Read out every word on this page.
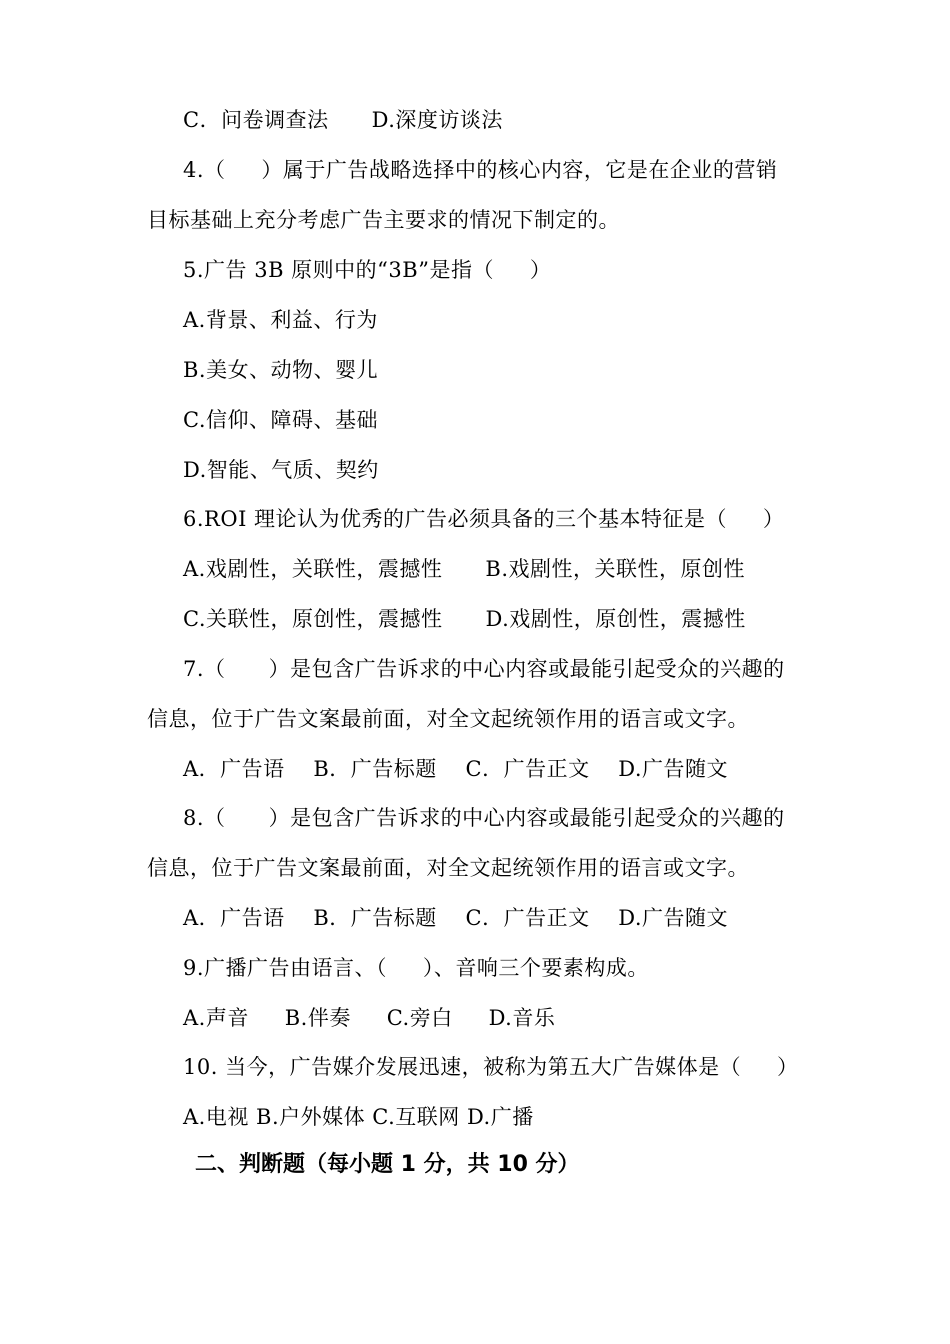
C．问卷调查法      D.深度访谈法
4.（     ）属于广告战略选择中的核心内容，它是在企业的营销
目标基础上充分考虑广告主要求的情况下制定的。
5.广告 3B 原则中的“3B”是指（     ）
A.背景、利益、行为
B.美女、动物、婴儿
C.信仰、障碍、基础
D.智能、气质、契约
6.ROI 理论认为优秀的广告必须具备的三个基本特征是（     ）
A.戏剧性，关联性，震撼性      B.戏剧性，关联性，原创性
C.关联性，原创性，震撼性      D.戏剧性，原创性，震撼性
7.（      ）是包含广告诉求的中心内容或最能引起受众的兴趣的
信息，位于广告文案最前面，对全文起统领作用的语言或文字。
A．广告语    B．广告标题    C．广告正文    D.广告随文
8.（      ）是包含广告诉求的中心内容或最能引起受众的兴趣的
信息，位于广告文案最前面，对全文起统领作用的语言或文字。
A．广告语    B．广告标题    C．广告正文    D.广告随文
9.广播广告由语言、（     ）、音响三个要素构成。
A.声音     B.伴奏     C.旁白     D.音乐
10. 当今，广告媒介发展迅速，被称为第五大广告媒体是（     ）
A.电视 B.户外媒体 C.互联网 D.广播
二、判断题（每小题 1 分，共 10 分）
